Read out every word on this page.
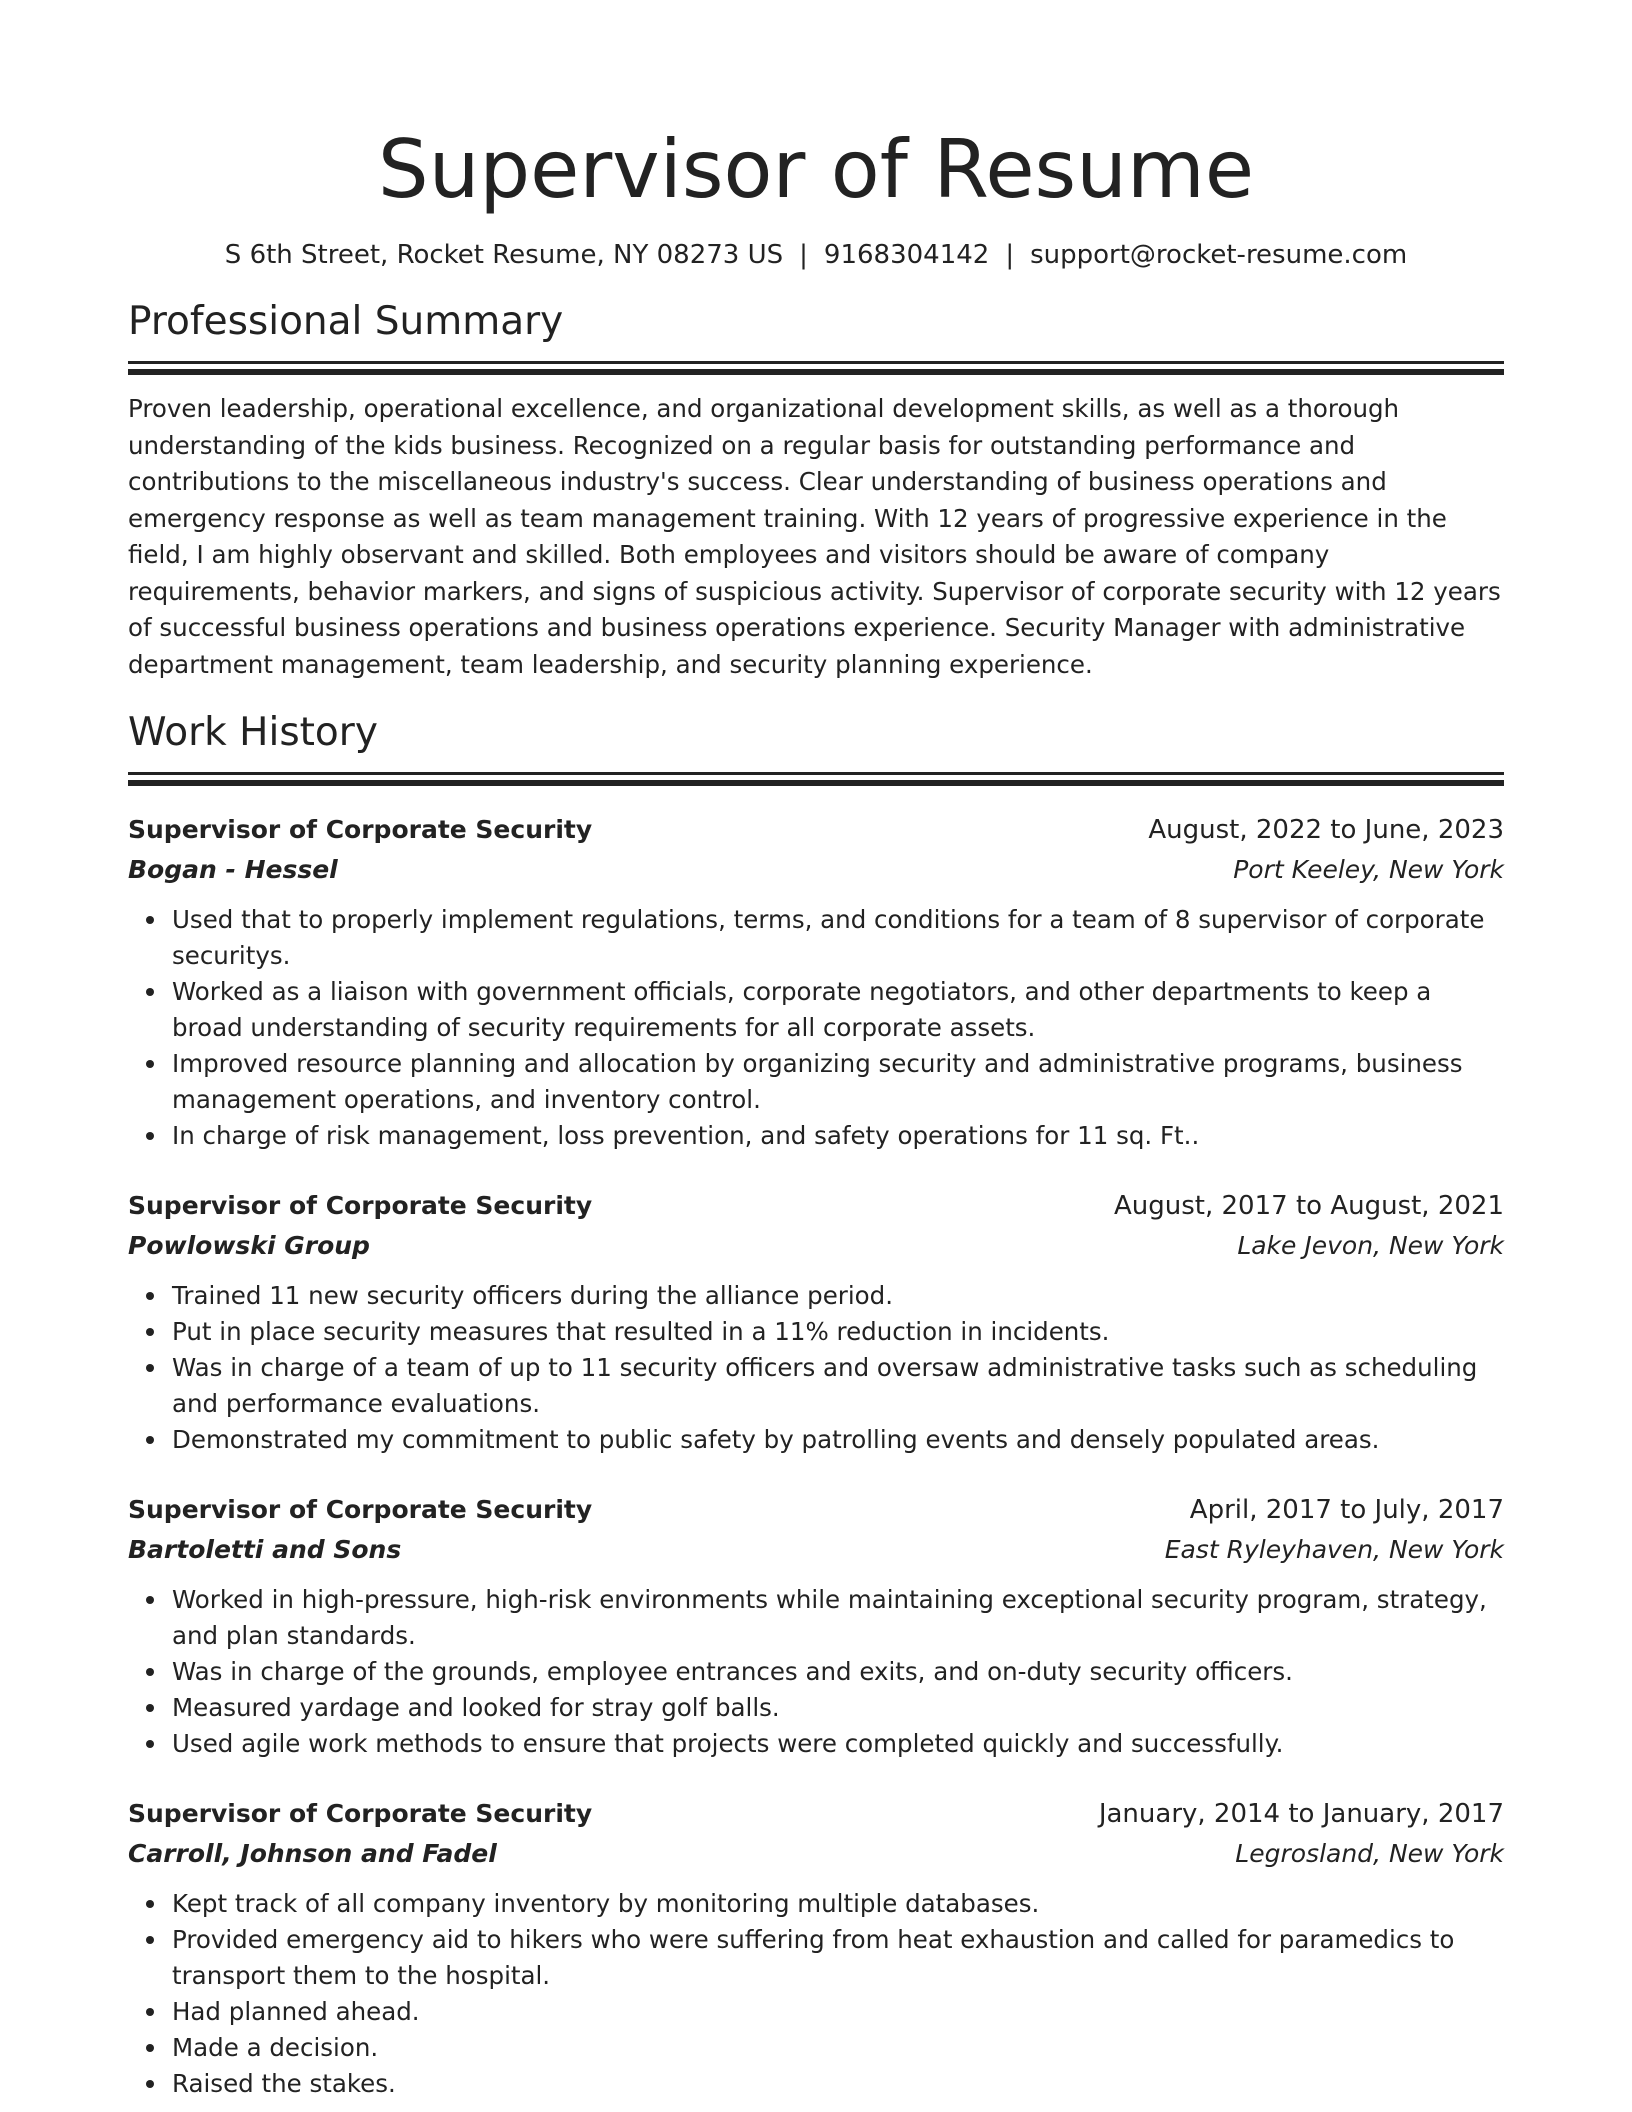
Supervisor of Resume
S 6th Street, Rocket Resume, NY 08273 US | 9168304142 | support@rocket-resume.com
Professional Summary

Proven leadership, operational excellence, and organizational development skills, as well as a thorough understanding of the kids business. Recognized on a regular basis for outstanding performance and contributions to the miscellaneous industry's success. Clear understanding of business operations and emergency response as well as team management training. With 12 years of progressive experience in the field, I am highly observant and skilled. Both employees and visitors should be aware of company requirements, behavior markers, and signs of suspicious activity. Supervisor of corporate security with 12 years of successful business operations and business operations experience. Security Manager with administrative department management, team leadership, and security planning experience.

Work History
Supervisor of Corporate Security	August, 2022 to June, 2023
Bogan - Hessel	Port Keeley, New York
Used that to properly implement regulations, terms, and conditions for a team of 8 supervisor of corporate securitys.
Worked as a liaison with government officials, corporate negotiators, and other departments to keep a broad understanding of security requirements for all corporate assets.
Improved resource planning and allocation by organizing security and administrative programs, business management operations, and inventory control.
In charge of risk management, loss prevention, and safety operations for 11 sq. Ft..
Supervisor of Corporate Security	August, 2017 to August, 2021
Powlowski Group	Lake Jevon, New York
Trained 11 new security officers during the alliance period.
Put in place security measures that resulted in a 11% reduction in incidents.
Was in charge of a team of up to 11 security officers and oversaw administrative tasks such as scheduling and performance evaluations.
Demonstrated my commitment to public safety by patrolling events and densely populated areas.
Supervisor of Corporate Security	April, 2017 to July, 2017
Bartoletti and Sons	East Ryleyhaven, New York
Worked in high-pressure, high-risk environments while maintaining exceptional security program, strategy, and plan standards.
Was in charge of the grounds, employee entrances and exits, and on-duty security officers.
Measured yardage and looked for stray golf balls.
Used agile work methods to ensure that projects were completed quickly and successfully.
Supervisor of Corporate Security	January, 2014 to January, 2017
Carroll, Johnson and Fadel	Legrosland, New York
Kept track of all company inventory by monitoring multiple databases.
Provided emergency aid to hikers who were suffering from heat exhaustion and called for paramedics to transport them to the hospital.
Had planned ahead.
Made a decision.
Raised the stakes.
